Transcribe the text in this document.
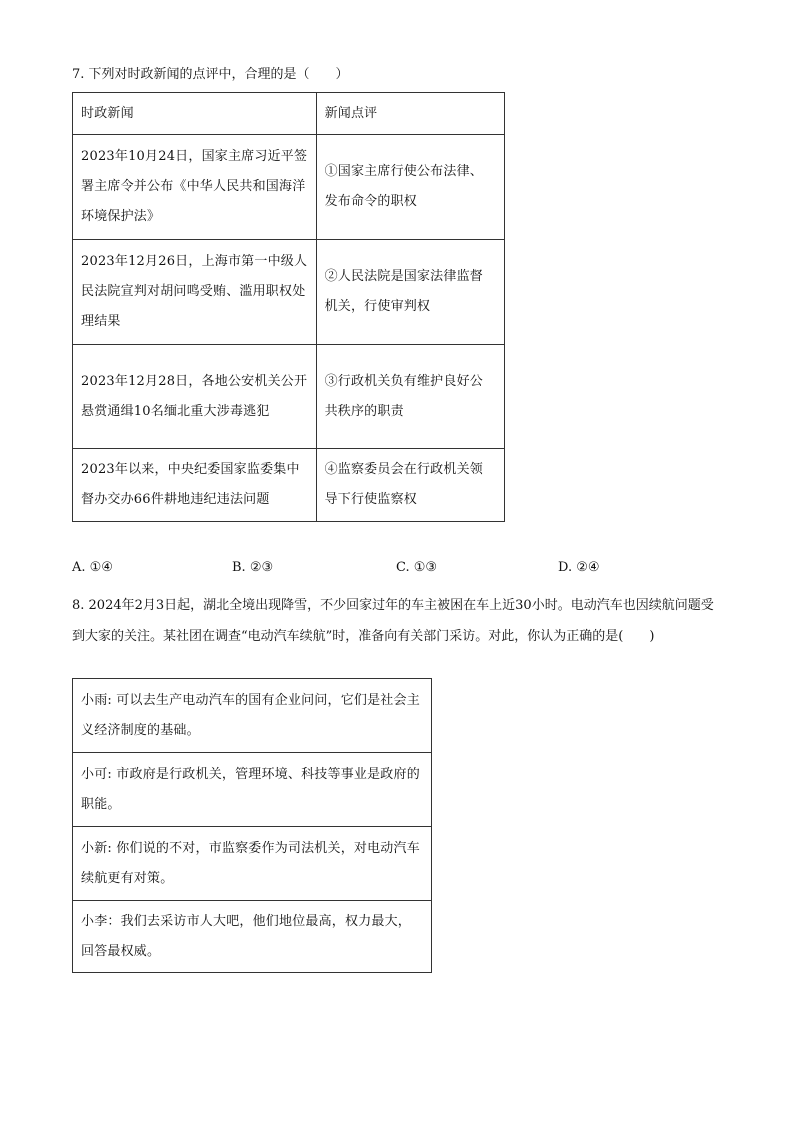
7. 下列对时政新闻的点评中，合理的是（　　）
时政新闻	新闻点评
2023年10月24日，国家主席习近平签署主席令并公布《中华人民共和国海洋环境保护法》	①国家主席行使公布法律、发布命令的职权
2023年12月26日，上海市第一中级人民法院宣判对胡问鸣受贿、滥用职权处理结果	②人民法院是国家法律监督机关，行使审判权
2023年12月28日，各地公安机关公开悬赏通缉10名缅北重大涉毒逃犯	③行政机关负有维护良好公共秩序的职责
2023年以来，中央纪委国家监委集中督办交办66件耕地违纪违法问题	④监察委员会在行政机关领导下行使监察权
A. ①④	B. ②③	C. ①③	D. ②④
8. 2024年2月3日起，湖北全境出现降雪，不少回家过年的车主被困在车上近30小时。电动汽车也因续航问题受到大家的关注。某社团在调查“电动汽车续航”时，准备向有关部门采访。对此，你认为正确的是(　　)
小雨: 可以去生产电动汽车的国有企业问问，它们是社会主义经济制度的基础。
小可: 市政府是行政机关，管理环境、科技等事业是政府的职能。
小新: 你们说的不对，市监察委作为司法机关，对电动汽车续航更有对策。
小李：我们去采访市人大吧，他们地位最高，权力最大，回答最权威。
